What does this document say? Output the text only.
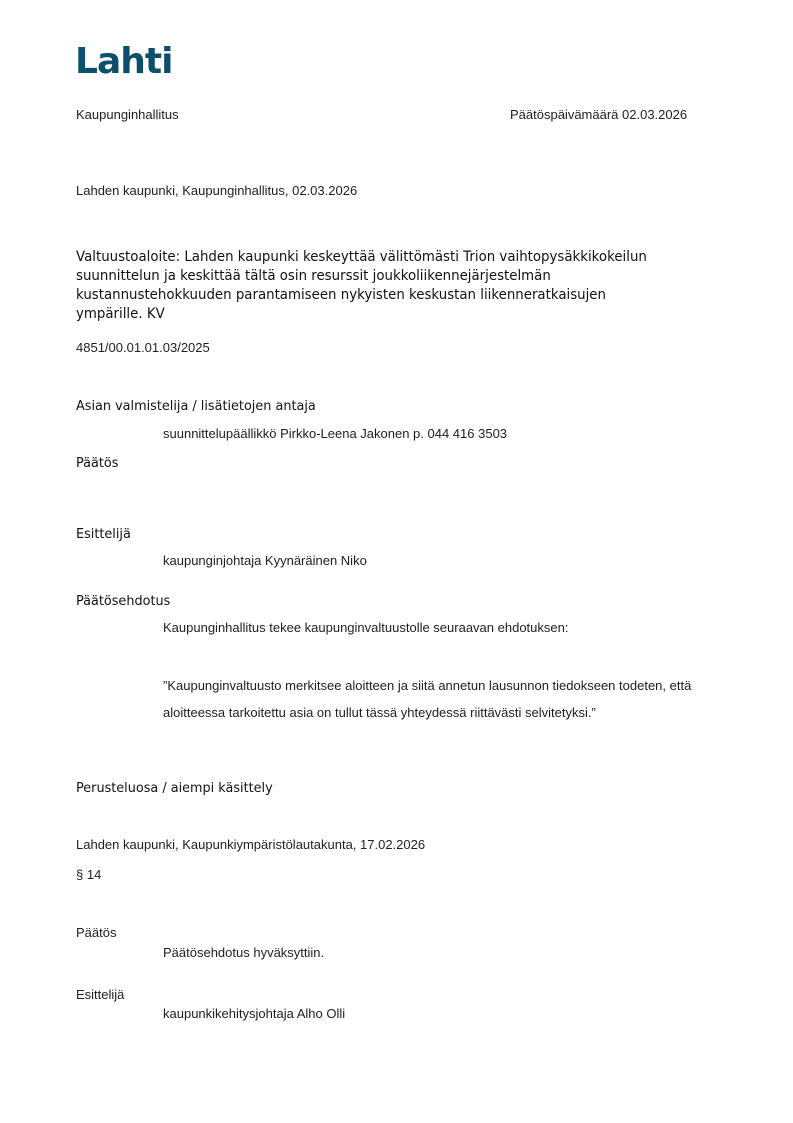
Lahti
Kaupunginhallitus	Päätöspäivämäärä 02.03.2026
Lahden kaupunki, Kaupunginhallitus, 02.03.2026
Valtuustoaloite: Lahden kaupunki keskeyttää välittömästi Trion vaihtopysäkkikokeilun suunnittelun ja keskittää tältä osin resurssit joukkoliikennejärjestelmän kustannustehokkuuden parantamiseen nykyisten keskustan liikenneratkaisujen ympärille. KV
4851/00.01.01.03/2025
Asian valmistelija / lisätietojen antaja
suunnittelupäällikkö Pirkko-Leena Jakonen p. 044 416 3503
Päätös
Esittelijä
kaupunginjohtaja Kyynäräinen Niko
Päätösehdotus
Kaupunginhallitus tekee kaupunginvaltuustolle seuraavan ehdotuksen:
”Kaupunginvaltuusto merkitsee aloitteen ja siitä annetun lausunnon tiedokseen todeten, että aloitteessa tarkoitettu asia on tullut tässä yhteydessä riittävästi selvitetyksi.”
Perusteluosa / aiempi käsittely
Lahden kaupunki, Kaupunkiympäristölautakunta, 17.02.2026
§ 14
Päätös
Päätösehdotus hyväksyttiin.
Esittelijä
kaupunkikehitysjohtaja Alho Olli
